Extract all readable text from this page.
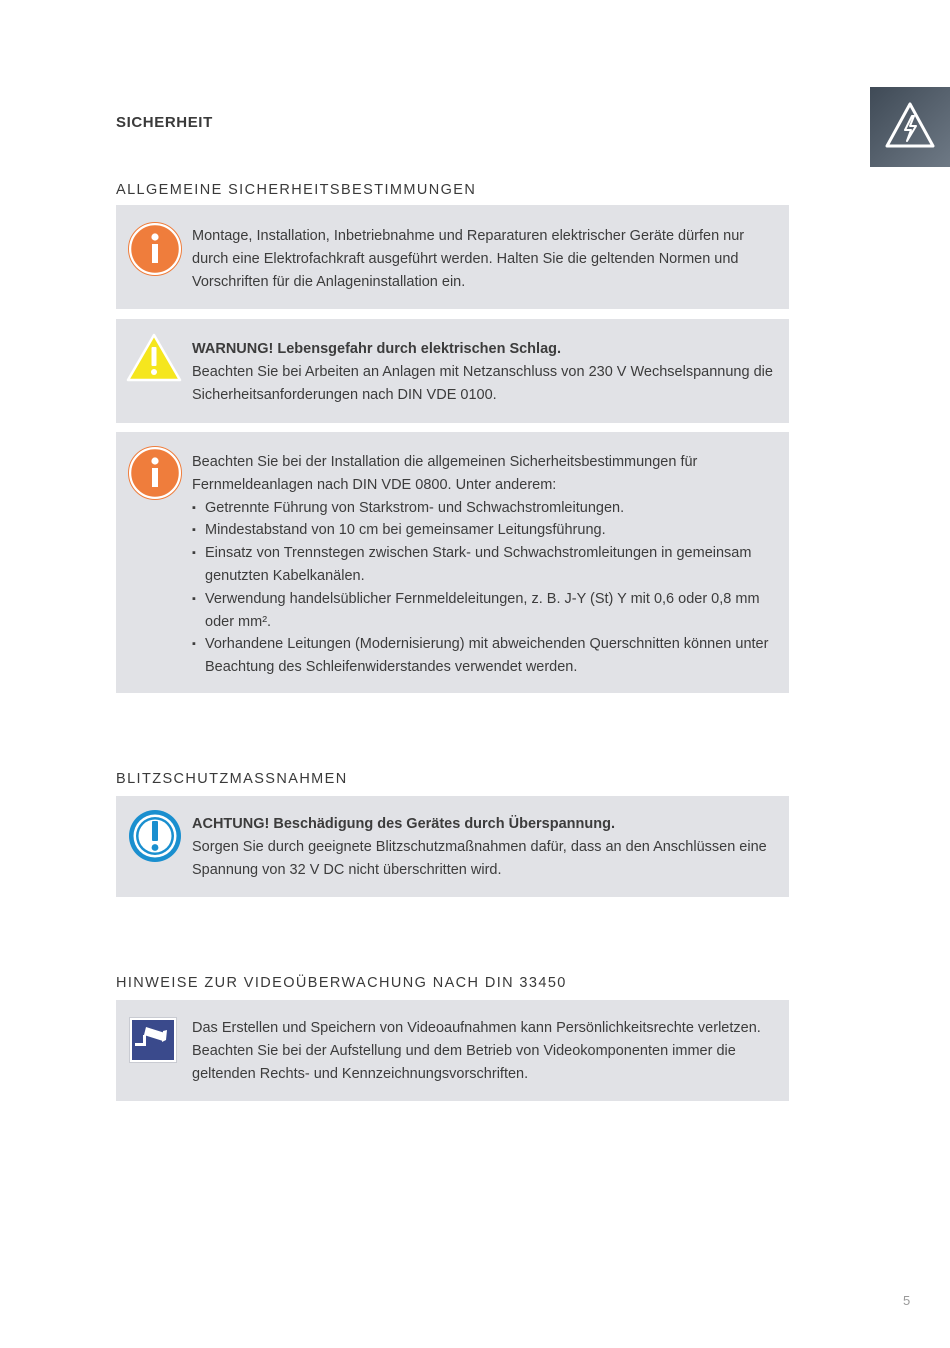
SICHERHEIT
ALLGEMEINE SICHERHEITSBESTIMMUNGEN

Montage, Installation, Inbetriebnahme und Reparaturen elektrischer Geräte dürfen nur durch eine Elektrofachkraft ausgeführt werden. Halten Sie die geltenden Normen und Vorschriften für die Anlageninstallation ein.

WARNUNG! Lebensgefahr durch elektrischen Schlag.

Beachten Sie bei Arbeiten an Anlagen mit Netzanschluss von 230 V Wechselspannung die Sicherheitsanforderungen nach DIN VDE 0100.

Beachten Sie bei der Installation die allgemeinen Sicherheitsbestimmungen für Fernmeldeanlagen nach DIN VDE 0800. Unter anderem:

▪ Getrennte Führung von Starkstrom- und Schwachstromleitungen.
▪ Mindestabstand von 10 cm bei gemeinsamer Leitungsführung.
▪ Einsatz von Trennstegen zwischen Stark- und Schwachstromleitungen in gemeinsam genutzten Kabelkanälen.
▪ Verwendung handelsüblicher Fernmeldeleitungen, z. B. J-Y (St) Y mit 0,6 oder 0,8 mm oder mm².
▪ Vorhandene Leitungen (Modernisierung) mit abweichenden Querschnitten können unter Beachtung des Schleifenwiderstandes verwendet werden.
BLITZSCHUTZMASSNAHMEN
ACHTUNG! Beschädigung des Gerätes durch Überspannung.

Sorgen Sie durch geeignete Blitzschutzmaßnahmen dafür, dass an den Anschlüssen eine Spannung von 32 V DC nicht überschritten wird.

HINWEISE ZUR VIDEOÜBERWACHUNG NACH DIN 33450

Das Erstellen und Speichern von Videoaufnahmen kann Persönlichkeitsrechte verletzen. Beachten Sie bei der Aufstellung und dem Betrieb von Videokomponenten immer die geltenden Rechts- und Kennzeichnungsvorschriften.

5
